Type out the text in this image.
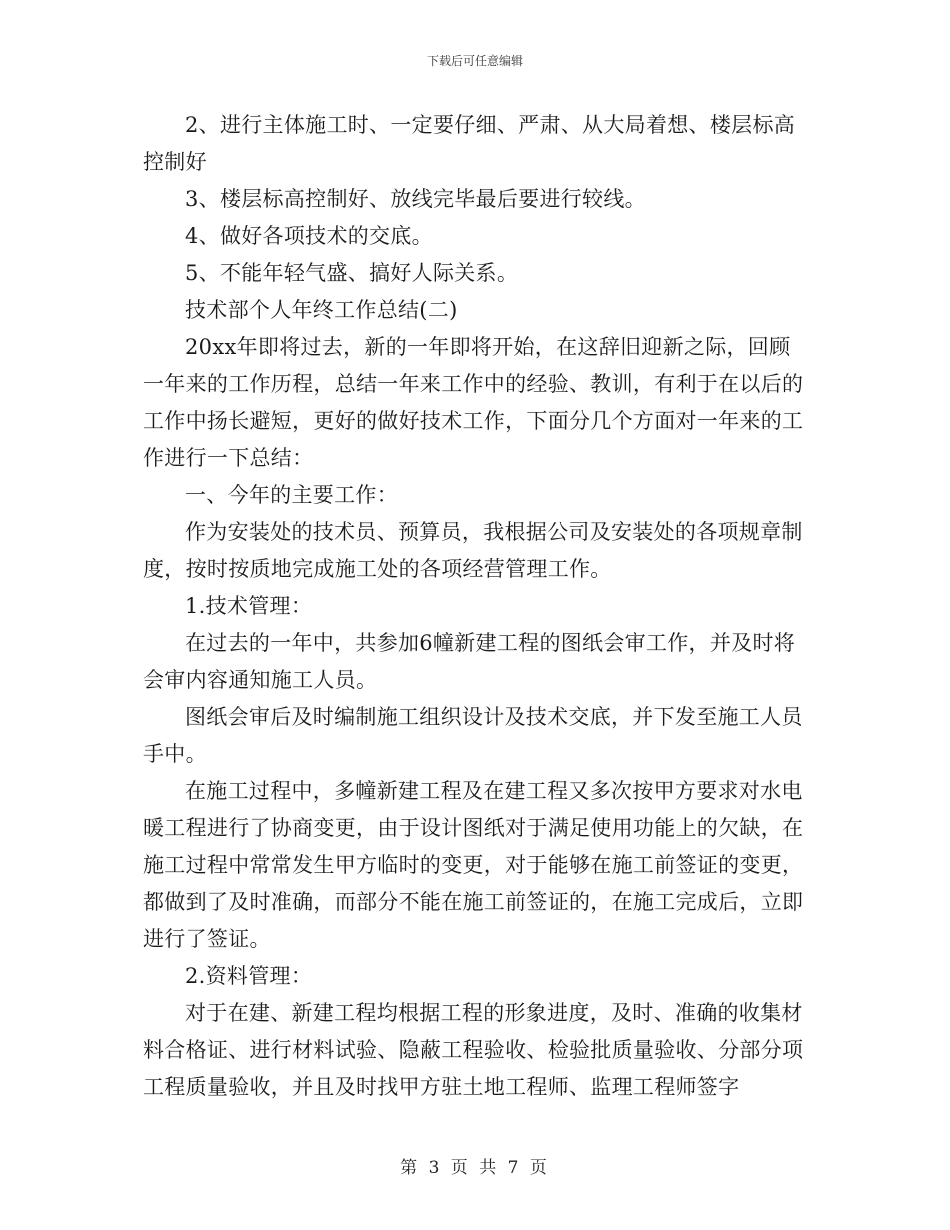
下载后可任意编辑

2、进行主体施工时、一定要仔细、严肃、从大局着想、楼层标高控制好

3、楼层标高控制好、放线完毕最后要进行较线。

4、做好各项技术的交底。

5、不能年轻气盛、搞好人际关系。

技术部个人年终工作总结(二)

20xx年即将过去，新的一年即将开始，在这辞旧迎新之际，回顾一年来的工作历程，总结一年来工作中的经验、教训，有利于在以后的工作中扬长避短，更好的做好技术工作，下面分几个方面对一年来的工作进行一下总结：

一、今年的主要工作：

作为安装处的技术员、预算员，我根据公司及安装处的各项规章制度，按时按质地完成施工处的各项经营管理工作。

1.技术管理：

在过去的一年中，共参加6幢新建工程的图纸会审工作，并及时将会审内容通知施工人员。

图纸会审后及时编制施工组织设计及技术交底，并下发至施工人员手中。

在施工过程中，多幢新建工程及在建工程又多次按甲方要求对水电暖工程进行了协商变更，由于设计图纸对于满足使用功能上的欠缺，在施工过程中常常发生甲方临时的变更，对于能够在施工前签证的变更，都做到了及时准确，而部分不能在施工前签证的，在施工完成后，立即进行了签证。

2.资料管理：

对于在建、新建工程均根据工程的形象进度，及时、准确的收集材料合格证、进行材料试验、隐蔽工程验收、检验批质量验收、分部分项工程质量验收，并且及时找甲方驻土地工程师、监理工程师签字

第 3 页 共 7 页
